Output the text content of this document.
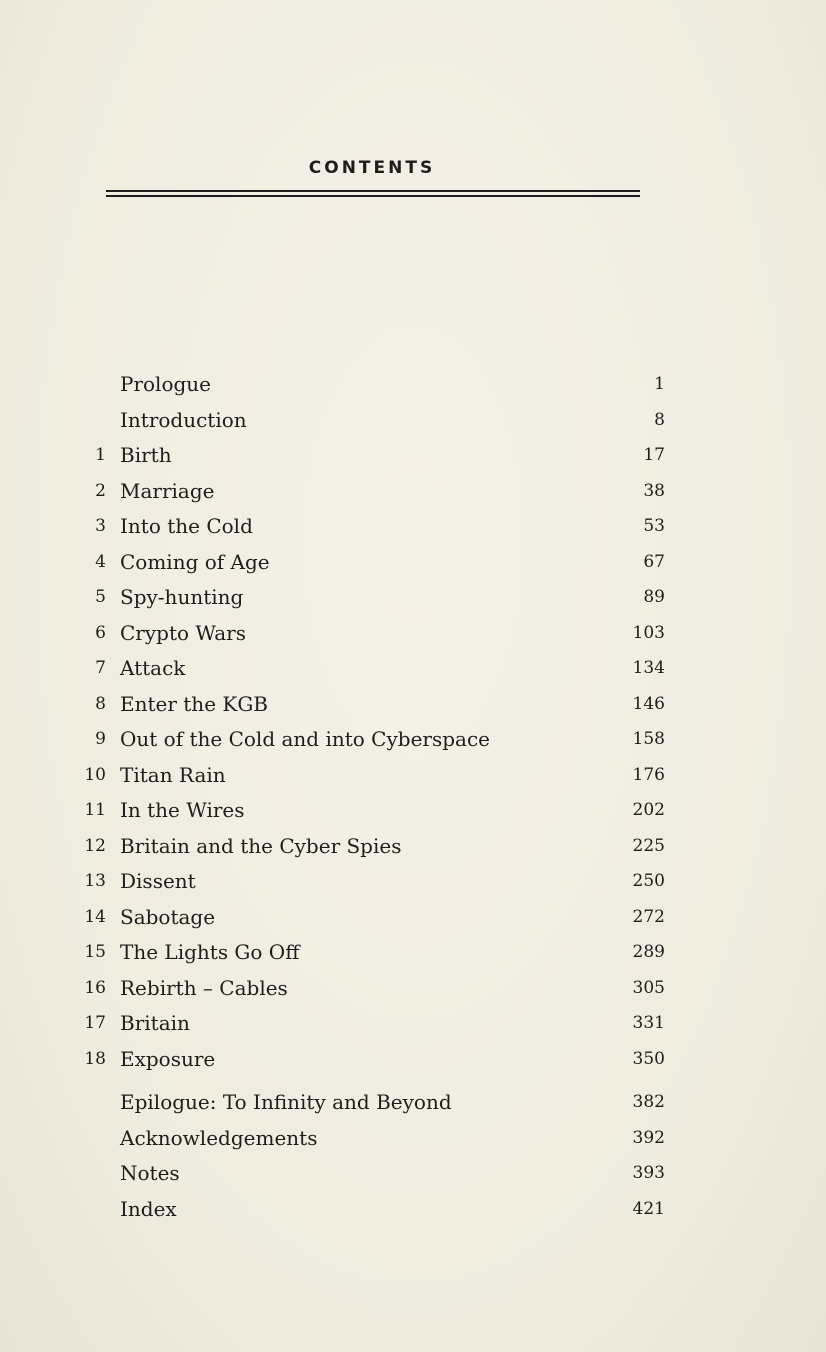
CONTENTS
Prologue	1
Introduction	8
1 Birth	17
2 Marriage	38
3 Into the Cold	53
4 Coming of Age	67
5 Spy-hunting	89
6 Crypto Wars	103
7 Attack	134
8 Enter the KGB	146
9 Out of the Cold and into Cyberspace	158
10 Titan Rain	176
11 In the Wires	202
12 Britain and the Cyber Spies	225
13 Dissent	250
14 Sabotage	272
15 The Lights Go Off	289
16 Rebirth – Cables	305
17 Britain	331
18 Exposure	350
Epilogue: To Infinity and Beyond	382
Acknowledgements	392
Notes	393
Index	421
